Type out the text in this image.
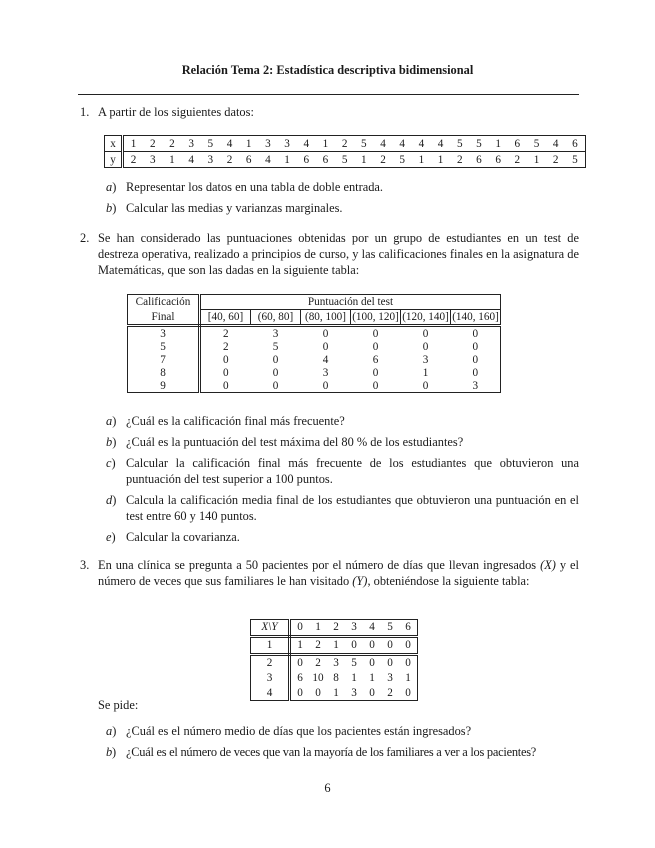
Relación Tema 2: Estadística descriptiva bidimensional
1. A partir de los siguientes datos:
x	1	2	2	3	5	4	1	3	3	4	1	2	5	4	4	4	4	5	5	1	6	5	4	6
y	2	3	1	4	3	2	6	4	1	6	6	5	1	2	5	1	1	2	6	6	2	1	2	5
a) Representar los datos en una tabla de doble entrada.
b) Calcular las medias y varianzas marginales.
2. Se han considerado las puntuaciones obtenidas por un grupo de estudiantes en un test de destreza operativa, realizado a principios de curso, y las calificaciones finales en la asignatura de Matemáticas, que son las dadas en la siguiente tabla:
Calificación	Puntuación del test					
Final	[40, 60]	(60, 80]	(80, 100]	(100, 120]	(120, 140]	(140, 160]
3	2	3	0	0	0	0
5	2	5	0	0	0	0
7	0	0	4	6	3	0
8	0	0	3	0	1	0
9	0	0	0	0	0	3
a) ¿Cuál es la calificación final más frecuente?
b) ¿Cuál es la puntuación del test máxima del 80 % de los estudiantes?
c) Calcular la calificación final más frecuente de los estudiantes que obtuvieron una puntuación del test superior a 100 puntos.
d) Calcula la calificación media final de los estudiantes que obtuvieron una puntuación en el test entre 60 y 140 puntos.
e) Calcular la covarianza.
3. En una clínica se pregunta a 50 pacientes por el número de días que llevan ingresados (X) y el número de veces que sus familiares le han visitado (Y), obteniéndose la siguiente tabla:
X\Y	0	1	2	3	4	5	6
1	1	2	1	0	0	0	0
2	0	2	3	5	0	0	0
3	6	10	8	1	1	3	1
4	0	0	1	3	0	2	0
Se pide:
a) ¿Cuál es el número medio de días que los pacientes están ingresados?
b) ¿Cuál es el número de veces que van la mayoría de los familiares a ver a los pacientes?
6
